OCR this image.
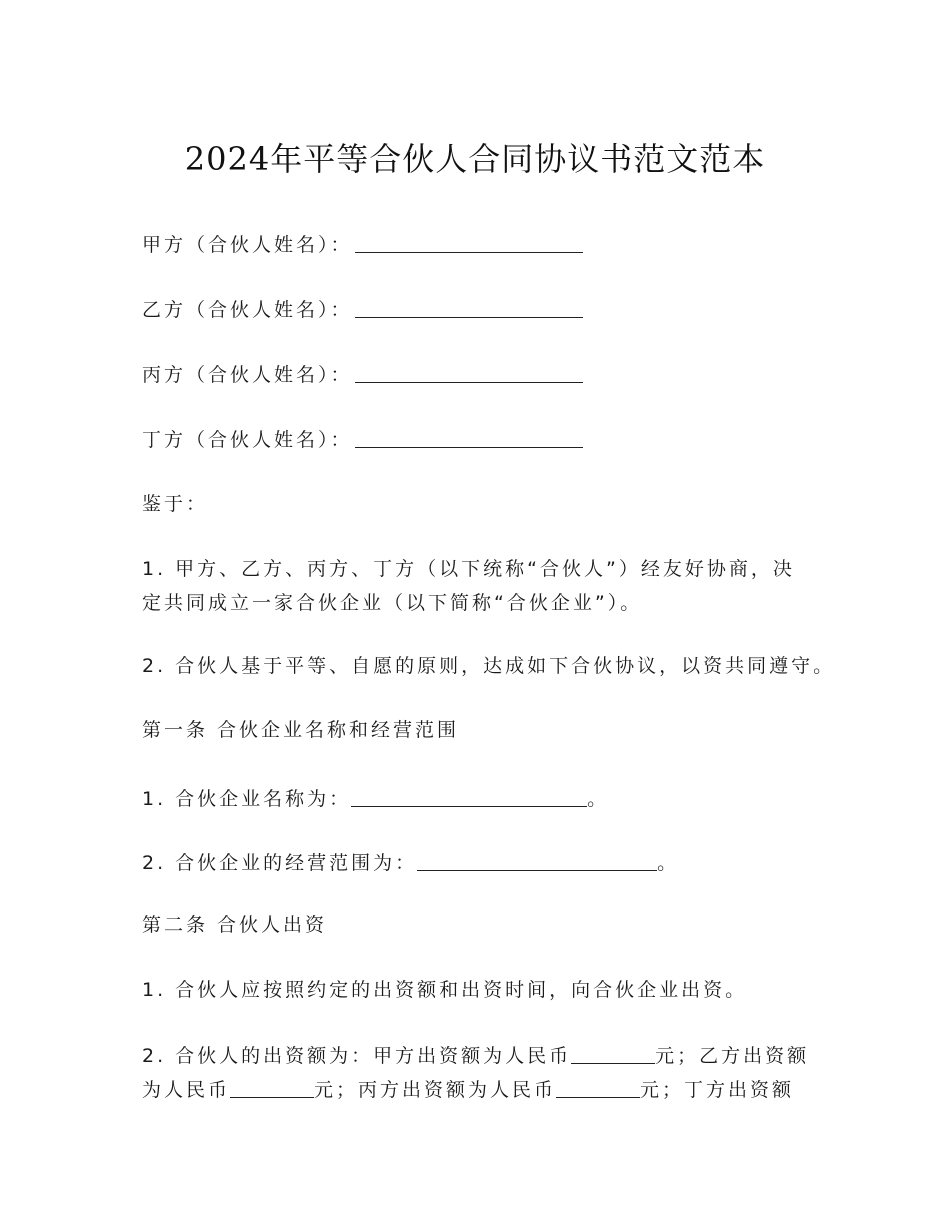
2024年平等合伙人合同协议书范文范本
甲方（合伙人姓名）：
乙方（合伙人姓名）：
丙方（合伙人姓名）：
丁方（合伙人姓名）：
鉴于：
1. 甲方、乙方、丙方、丁方（以下统称“合伙人”）经友好协商，决
定共同成立一家合伙企业（以下简称“合伙企业”）。
2. 合伙人基于平等、自愿的原则，达成如下合伙协议，以资共同遵守。
第一条 合伙企业名称和经营范围
1. 合伙企业名称为：	。
2. 合伙企业的经营范围为：	。
第二条 合伙人出资
1. 合伙人应按照约定的出资额和出资时间，向合伙企业出资。
2. 合伙人的出资额为：甲方出资额为人民币	元；乙方出资额
为人民币	元；丙方出资额为人民币	元；丁方出资额
